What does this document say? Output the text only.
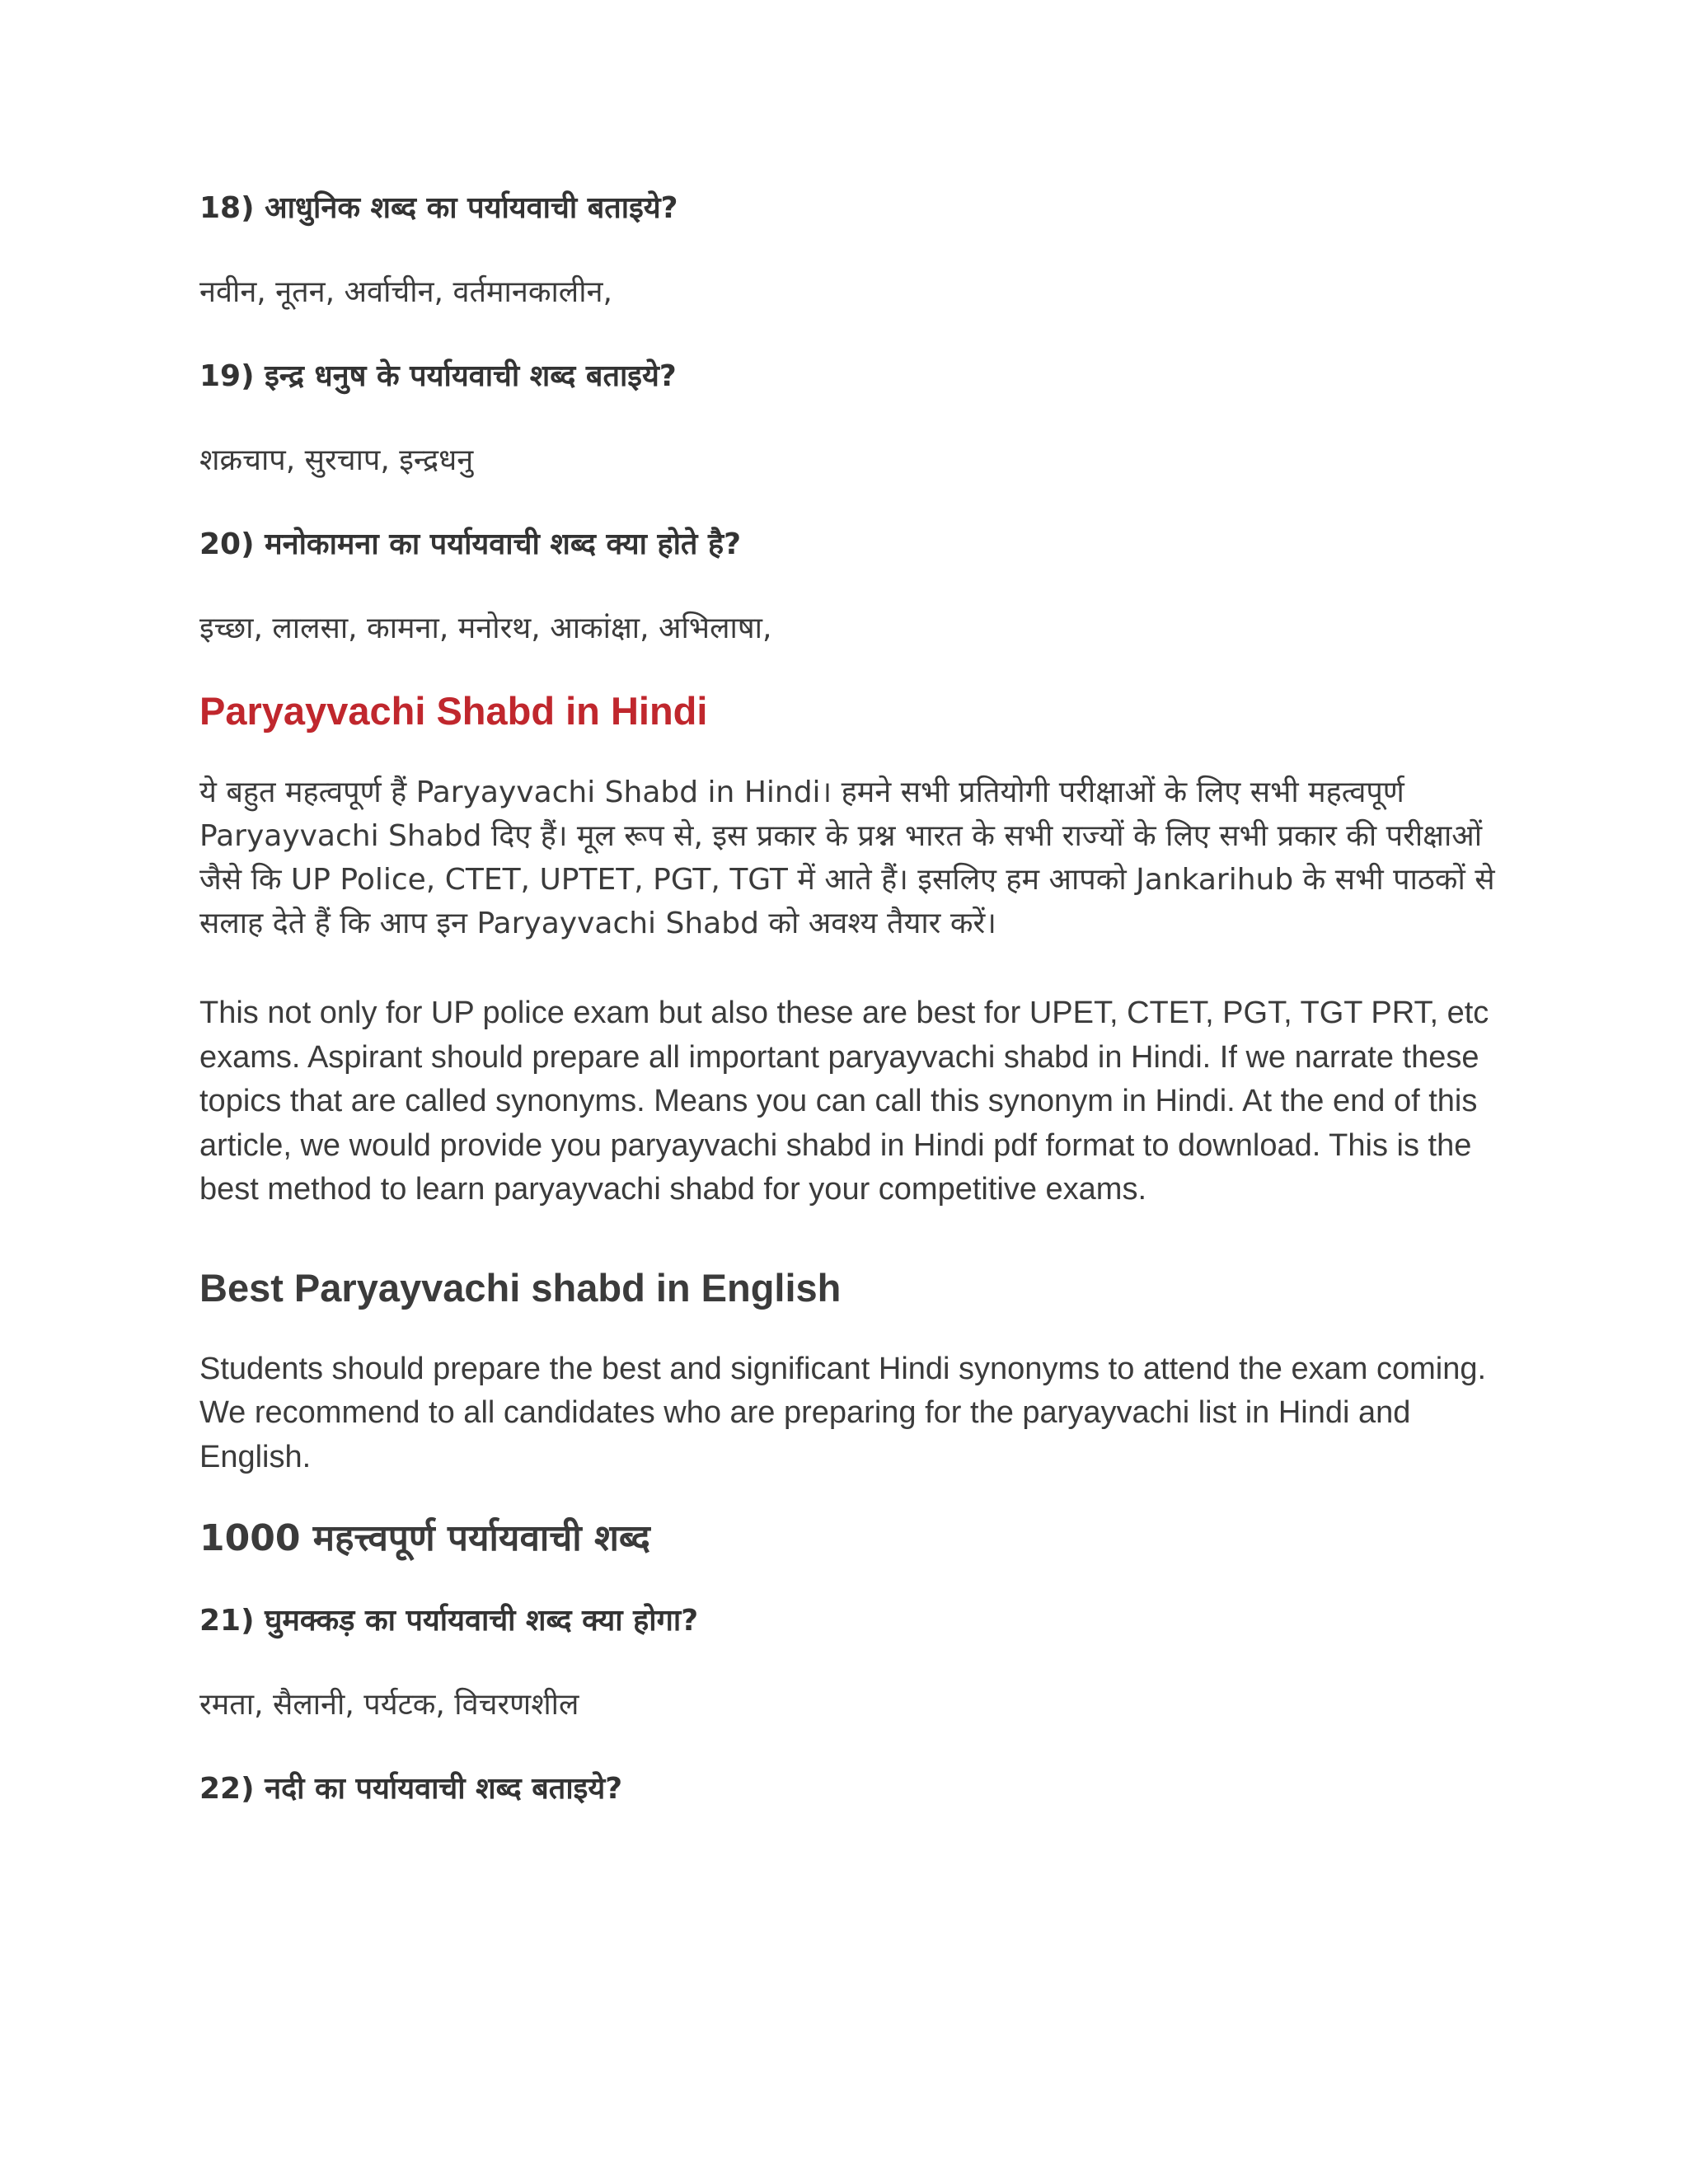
18) आधुनिक शब्द का पर्यायवाची बताइये?

नवीन, नूतन, अर्वाचीन, वर्तमानकालीन,

19) इन्द्र धनुष के पर्यायवाची शब्द बताइये?

शक्रचाप, सुरचाप, इन्द्रधनु

20) मनोकामना का पर्यायवाची शब्द क्या होते है?

इच्छा, लालसा, कामना, मनोरथ, आकांक्षा, अभिलाषा,

Paryayvachi Shabd in Hindi

ये बहुत महत्वपूर्ण हैं Paryayvachi Shabd in Hindi। हमने सभी प्रतियोगी परीक्षाओं के लिए सभी महत्वपूर्ण Paryayvachi Shabd दिए हैं। मूल रूप से, इस प्रकार के प्रश्न भारत के सभी राज्यों के लिए सभी प्रकार की परीक्षाओं जैसे कि UP Police, CTET, UPTET, PGT, TGT में आते हैं। इसलिए हम आपको Jankarihub के सभी पाठकों से सलाह देते हैं कि आप इन Paryayvachi Shabd को अवश्य तैयार करें।

This not only for UP police exam but also these are best for UPET, CTET, PGT, TGT PRT, etc exams. Aspirant should prepare all important paryayvachi shabd in Hindi. If we narrate these topics that are called synonyms. Means you can call this synonym in Hindi. At the end of this article, we would provide you paryayvachi shabd in Hindi pdf format to download. This is the best method to learn paryayvachi shabd for your competitive exams.

Best Paryayvachi shabd in English

Students should prepare the best and significant Hindi synonyms to attend the exam coming. We recommend to all candidates who are preparing for the paryayvachi list in Hindi and English.

1000 महत्त्वपूर्ण पर्यायवाची शब्द

21) घुमक्कड़ का पर्यायवाची शब्द क्या होगा?

रमता, सैलानी, पर्यटक, विचरणशील

22) नदी का पर्यायवाची शब्द बताइये?
